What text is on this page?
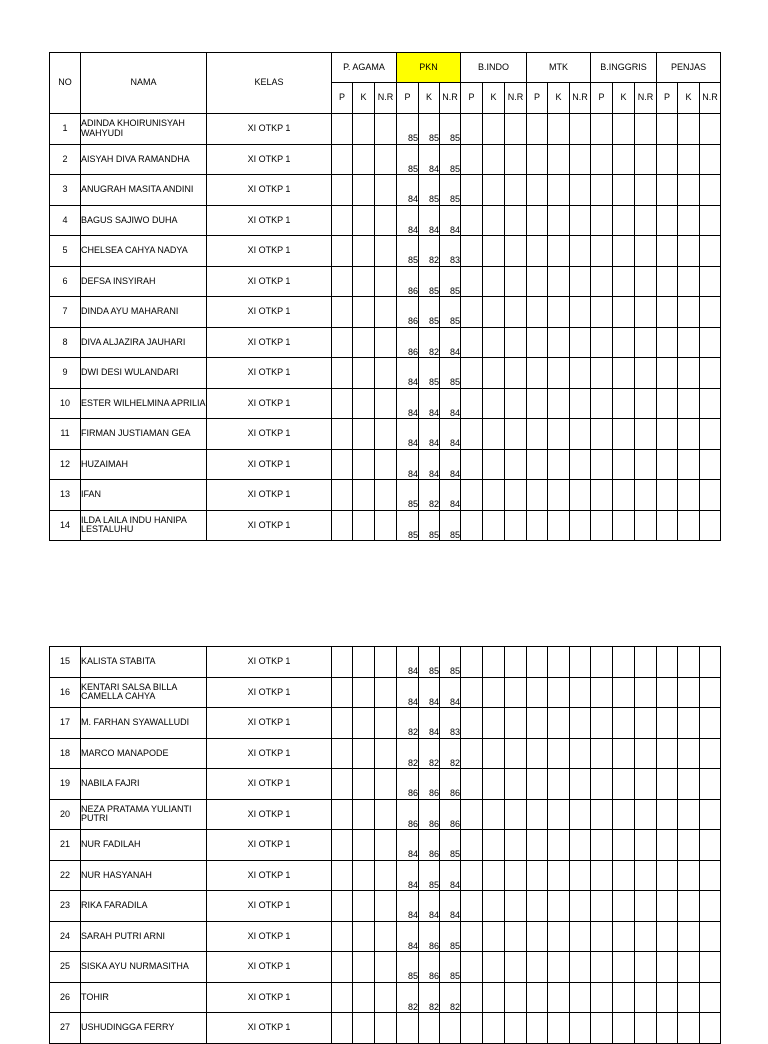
NO	NAMA	KELAS	P. AGAMA			PKN			B.INDO			MTK			B.INGGRIS			PENJAS		
			P	K	N.R	P	K	N.R	P	K	N.R	P	K	N.R	P	K	N.R	P	K	N.R
1	ADINDA KHOIRUNISYAH WAHYUDI	XI OTKP 1				85	85	85												
2	AISYAH DIVA RAMANDHA	XI OTKP 1				85	84	85												
3	ANUGRAH MASITA ANDINI	XI OTKP 1				84	85	85												
4	BAGUS SAJIWO DUHA	XI OTKP 1				84	84	84												
5	CHELSEA CAHYA NADYA	XI OTKP 1				85	82	83												
6	DEFSA INSYIRAH	XI OTKP 1				86	85	85												
7	DINDA AYU MAHARANI	XI OTKP 1				86	85	85												
8	DIVA ALJAZIRA JAUHARI	XI OTKP 1				86	82	84												
9	DWI DESI WULANDARI	XI OTKP 1				84	85	85												
10	ESTER WILHELMINA APRILIA	XI OTKP 1				84	84	84												
11	FIRMAN JUSTIAMAN GEA	XI OTKP 1				84	84	84												
12	HUZAIMAH	XI OTKP 1				84	84	84												
13	IFAN	XI OTKP 1				85	82	84												
14	ILDA LAILA INDU HANIPA LESTALUHU	XI OTKP 1				85	85	85												
15	KALISTA STABITA	XI OTKP 1				84	85	85												
16	KENTARI SALSA BILLA CAMELLA CAHYA	XI OTKP 1				84	84	84												
17	M. FARHAN SYAWALLUDI	XI OTKP 1				82	84	83												
18	MARCO MANAPODE	XI OTKP 1				82	82	82												
19	NABILA FAJRI	XI OTKP 1				86	86	86												
20	NEZA PRATAMA YULIANTI PUTRI	XI OTKP 1				86	86	86												
21	NUR FADILAH	XI OTKP 1				84	86	85												
22	NUR HASYANAH	XI OTKP 1				84	85	84												
23	RIKA FARADILA	XI OTKP 1				84	84	84												
24	SARAH PUTRI ARNI	XI OTKP 1				84	86	85												
25	SISKA AYU NURMASITHA	XI OTKP 1				85	86	85												
26	TOHIR	XI OTKP 1				82	82	82												
27	USHUDINGGA FERRY	XI OTKP 1																		
